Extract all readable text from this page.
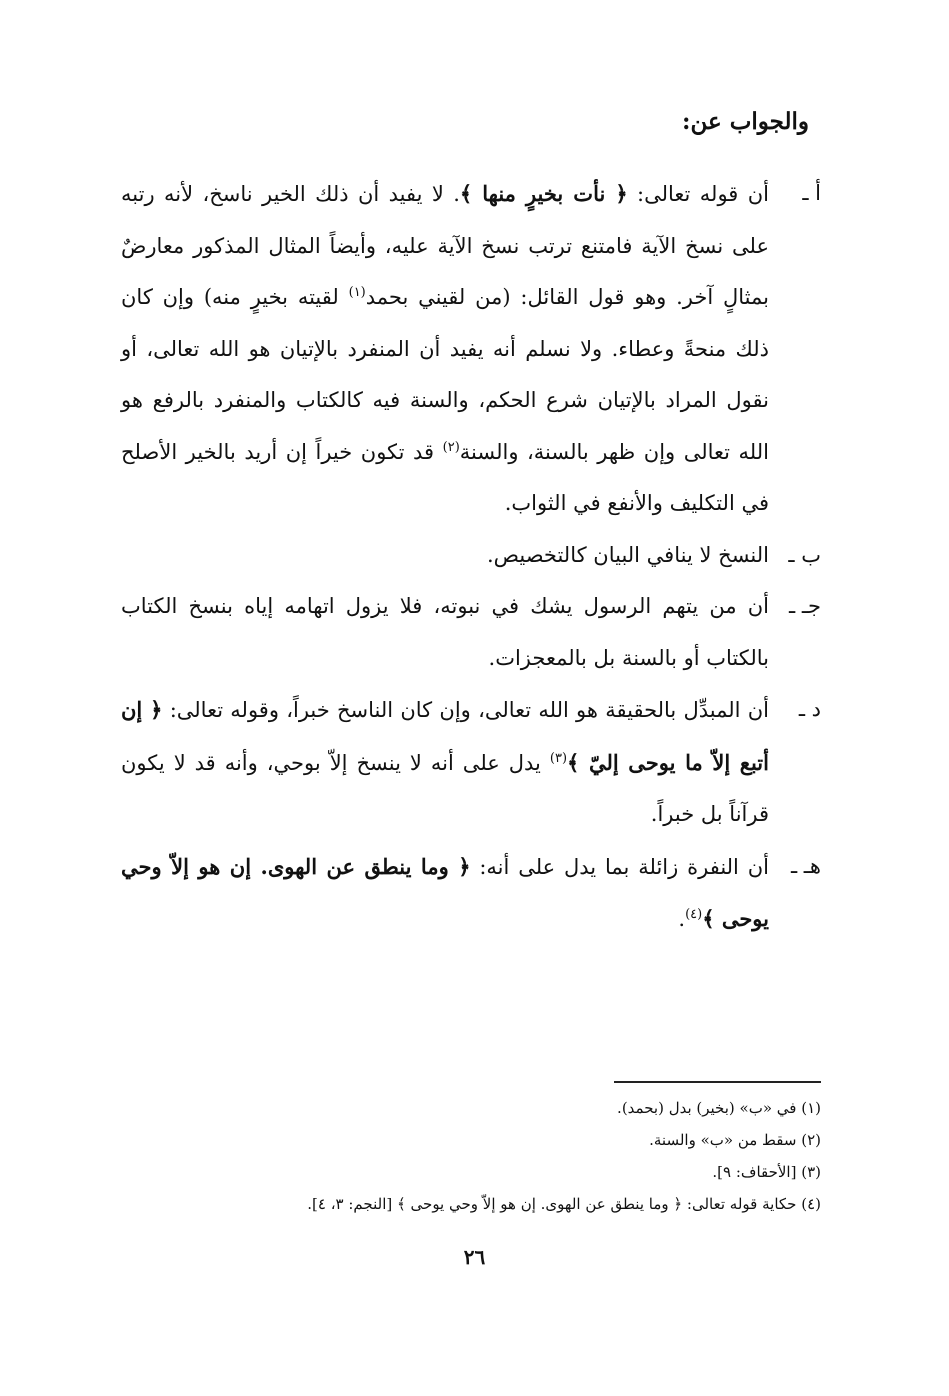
والجواب عن:
أ ـ

أن قوله تعالى: ﴿ نأت بخيرٍ منها ﴾. لا يفيد أن ذلك الخير ناسخ، لأنه رتبه على نسخ الآية فامتنع ترتب نسخ الآية عليه، وأيضاً المثال المذكور معارضٌ بمثالٍ آخر. وهو قول القائل: (من لقيني بحمد$^{(١)}$ لقيته بخيرٍ منه) وإن كان ذلك منحةً وعطاء. ولا نسلم أنه يفيد أن المنفرد بالإتيان هو الله تعالى، أو نقول المراد بالإتيان شرع الحكم، والسنة فيه كالكتاب والمنفرد بالرفع هو الله تعالى وإن ظهر بالسنة، والسنة$^{(٢)}$ قد تكون خيراً إن أريد بالخير الأصلح في التكليف والأنفع في الثواب.

ب ـ

النسخ لا ينافي البيان كالتخصيص.

جـ ـ

أن من يتهم الرسول يشك في نبوته، فلا يزول اتهامه إياه بنسخ الكتاب بالكتاب أو بالسنة بل بالمعجزات.

د ـ

أن المبدِّل بالحقيقة هو الله تعالى، وإن كان الناسخ خبراً، وقوله تعالى: ﴿ إن أتبع إلاّ ما يوحى إليّ ﴾$^{(٣)}$ يدل على أنه لا ينسخ إلاّ بوحي، وأنه قد لا يكون قرآناً بل خبراً.

هـ ـ

أن النفرة زائلة بما يدل على أنه: ﴿ وما ينطق عن الهوى. إن هو إلاّ وحي يوحى ﴾$^{(٤)}$.

(١) في «ب» (بخير) بدل (بحمد).
(٢) سقط من «ب» والسنة.
(٣) [الأحقاف: ٩].
(٤) حكاية قوله تعالى: ﴿ وما ينطق عن الهوى. إن هو إلاّ وحي يوحى ﴾ [النجم: ٣، ٤].
٢٦
